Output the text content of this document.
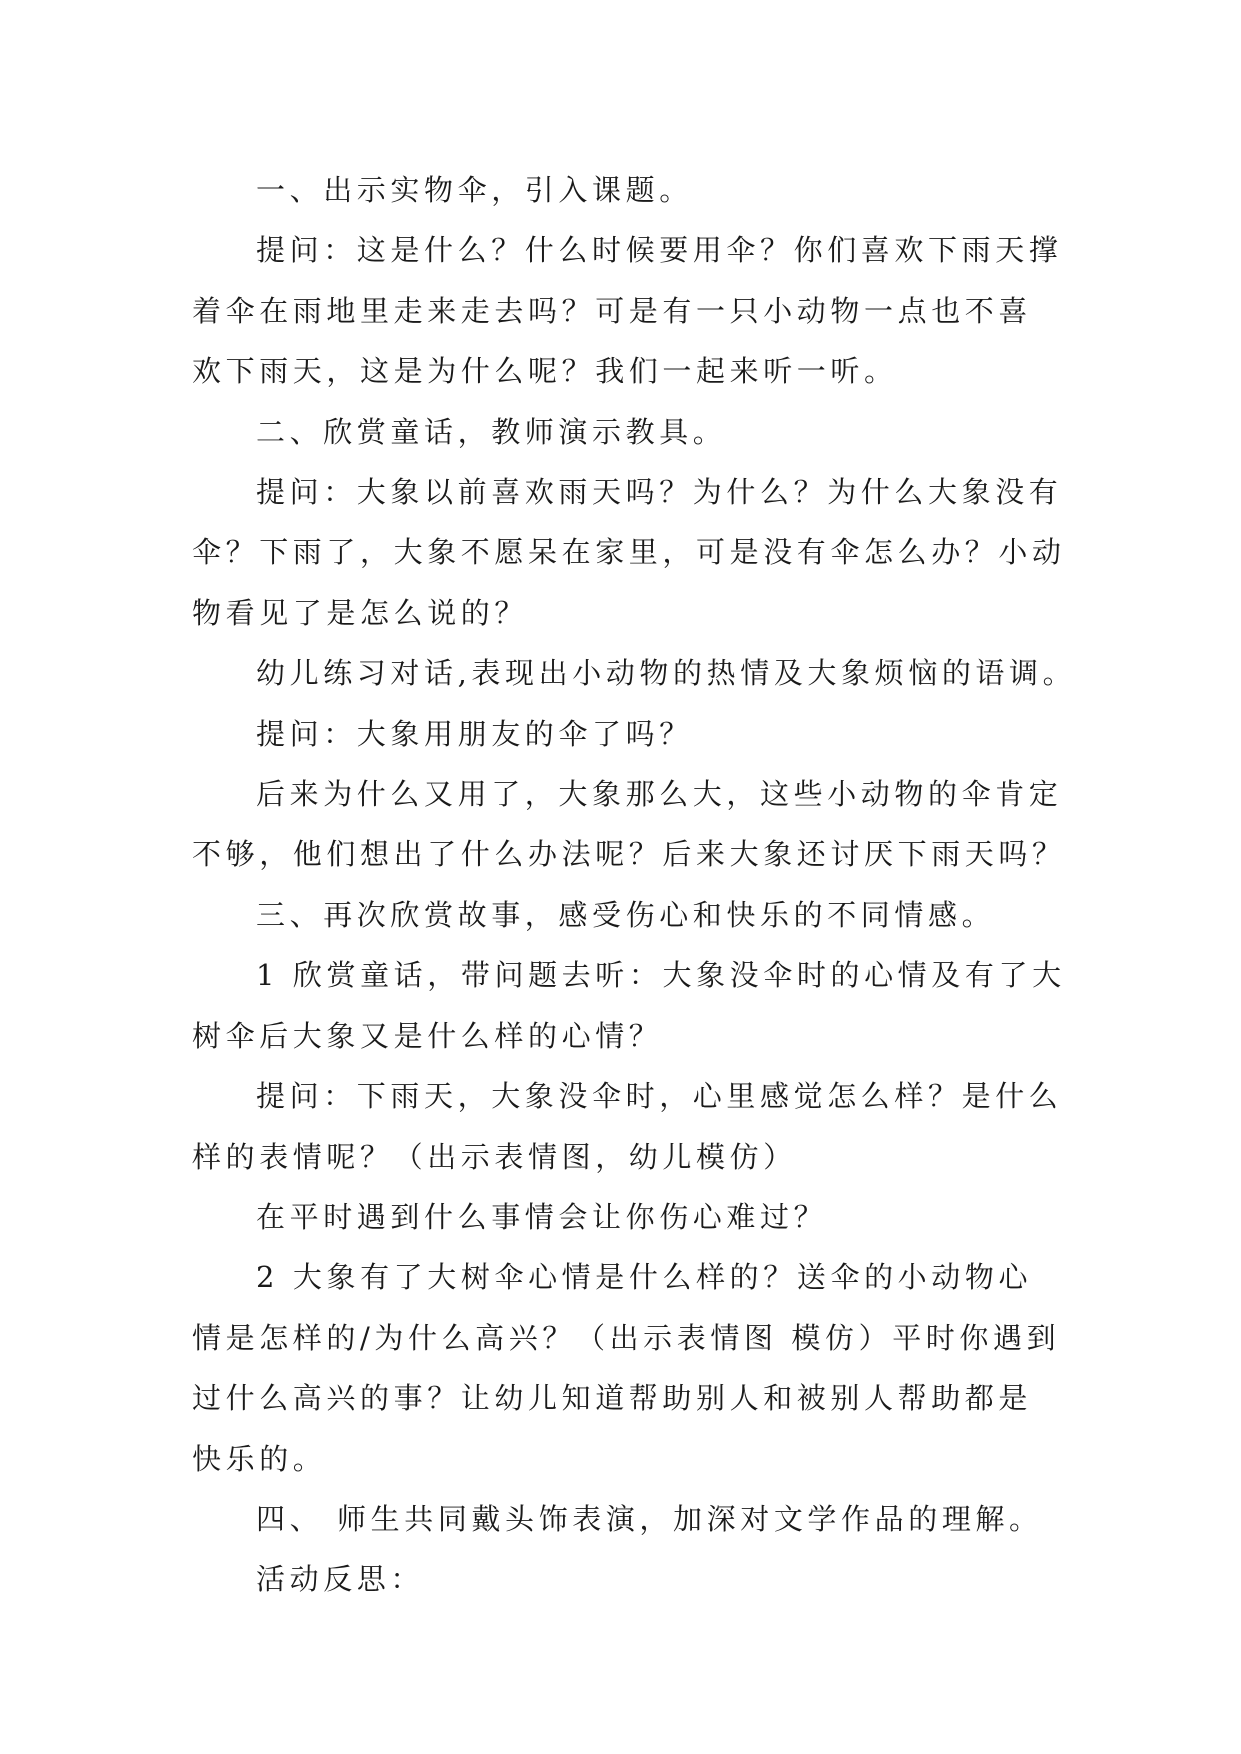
一、出示实物伞，引入课题。

提问：这是什么？什么时候要用伞？你们喜欢下雨天撑
着伞在雨地里走来走去吗？可是有一只小动物一点也不喜
欢下雨天，这是为什么呢？我们一起来听一听。

二、欣赏童话，教师演示教具。

提问：大象以前喜欢雨天吗？为什么？为什么大象没有
伞？下雨了，大象不愿呆在家里，可是没有伞怎么办？小动
物看见了是怎么说的？

幼儿练习对话,表现出小动物的热情及大象烦恼的语调。

提问：大象用朋友的伞了吗？

后来为什么又用了，大象那么大，这些小动物的伞肯定
不够，他们想出了什么办法呢？后来大象还讨厌下雨天吗？

三、再次欣赏故事，感受伤心和快乐的不同情感。

1 欣赏童话，带问题去听：大象没伞时的心情及有了大
树伞后大象又是什么样的心情？

提问：下雨天，大象没伞时，心里感觉怎么样？是什么
样的表情呢？（出示表情图，幼儿模仿）

在平时遇到什么事情会让你伤心难过？

2 大象有了大树伞心情是什么样的？送伞的小动物心
情是怎样的/为什么高兴？（出示表情图 模仿）平时你遇到
过什么高兴的事？让幼儿知道帮助别人和被别人帮助都是
快乐的。

四、 师生共同戴头饰表演，加深对文学作品的理解。

活动反思：
